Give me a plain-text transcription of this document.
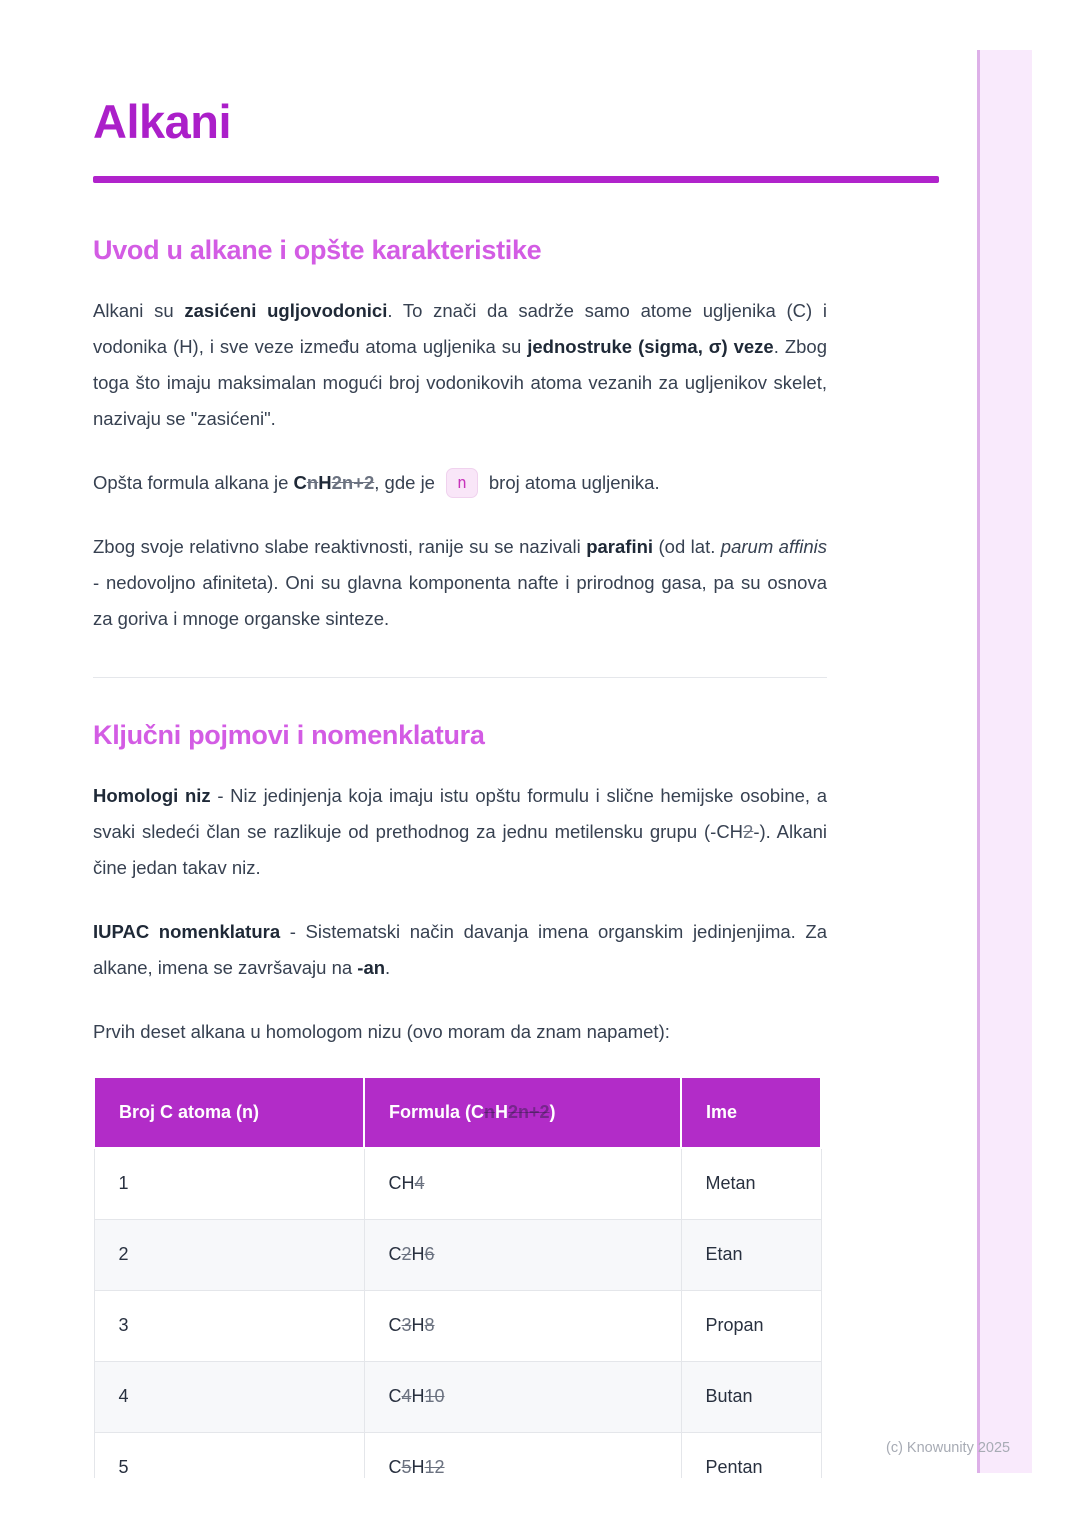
Alkani
Uvod u alkane i opšte karakteristike

Alkani su zasićeni ugljovodonici. To znači da sadrže samo atome ugljenika (C) i vodonika (H), i sve veze između atoma ugljenika su jednostruke (sigma, σ) veze. Zbog toga što imaju maksimalan mogući broj vodonikovih atoma vezanih za ugljenikov skelet, nazivaju se "zasićeni".

Opšta formula alkana je CnH2n+2, gde je n broj atoma ugljenika.

Zbog svoje relativno slabe reaktivnosti, ranije su se nazivali parafini (od lat. parum affinis - nedovoljno afiniteta). Oni su glavna komponenta nafte i prirodnog gasa, pa su osnova za goriva i mnoge organske sinteze.

Ključni pojmovi i nomenklatura

Homologi niz - Niz jedinjenja koja imaju istu opštu formulu i slične hemijske osobine, a svaki sledeći član se razlikuje od prethodnog za jednu metilensku grupu (-CH2-). Alkani čine jedan takav niz.

IUPAC nomenklatura - Sistematski način davanja imena organskim jedinjenjima. Za alkane, imena se završavaju na -an.

Prvih deset alkana u homologom nizu (ovo moram da znam napamet):

Broj C atoma (n)	Formula (CnH2n+2)	Ime
1	CH4	Metan
2	C2H6	Etan
3	C3H8	Propan
4	C4H10	Butan
5	C5H12	Pentan

(c) Knowunity 2025
